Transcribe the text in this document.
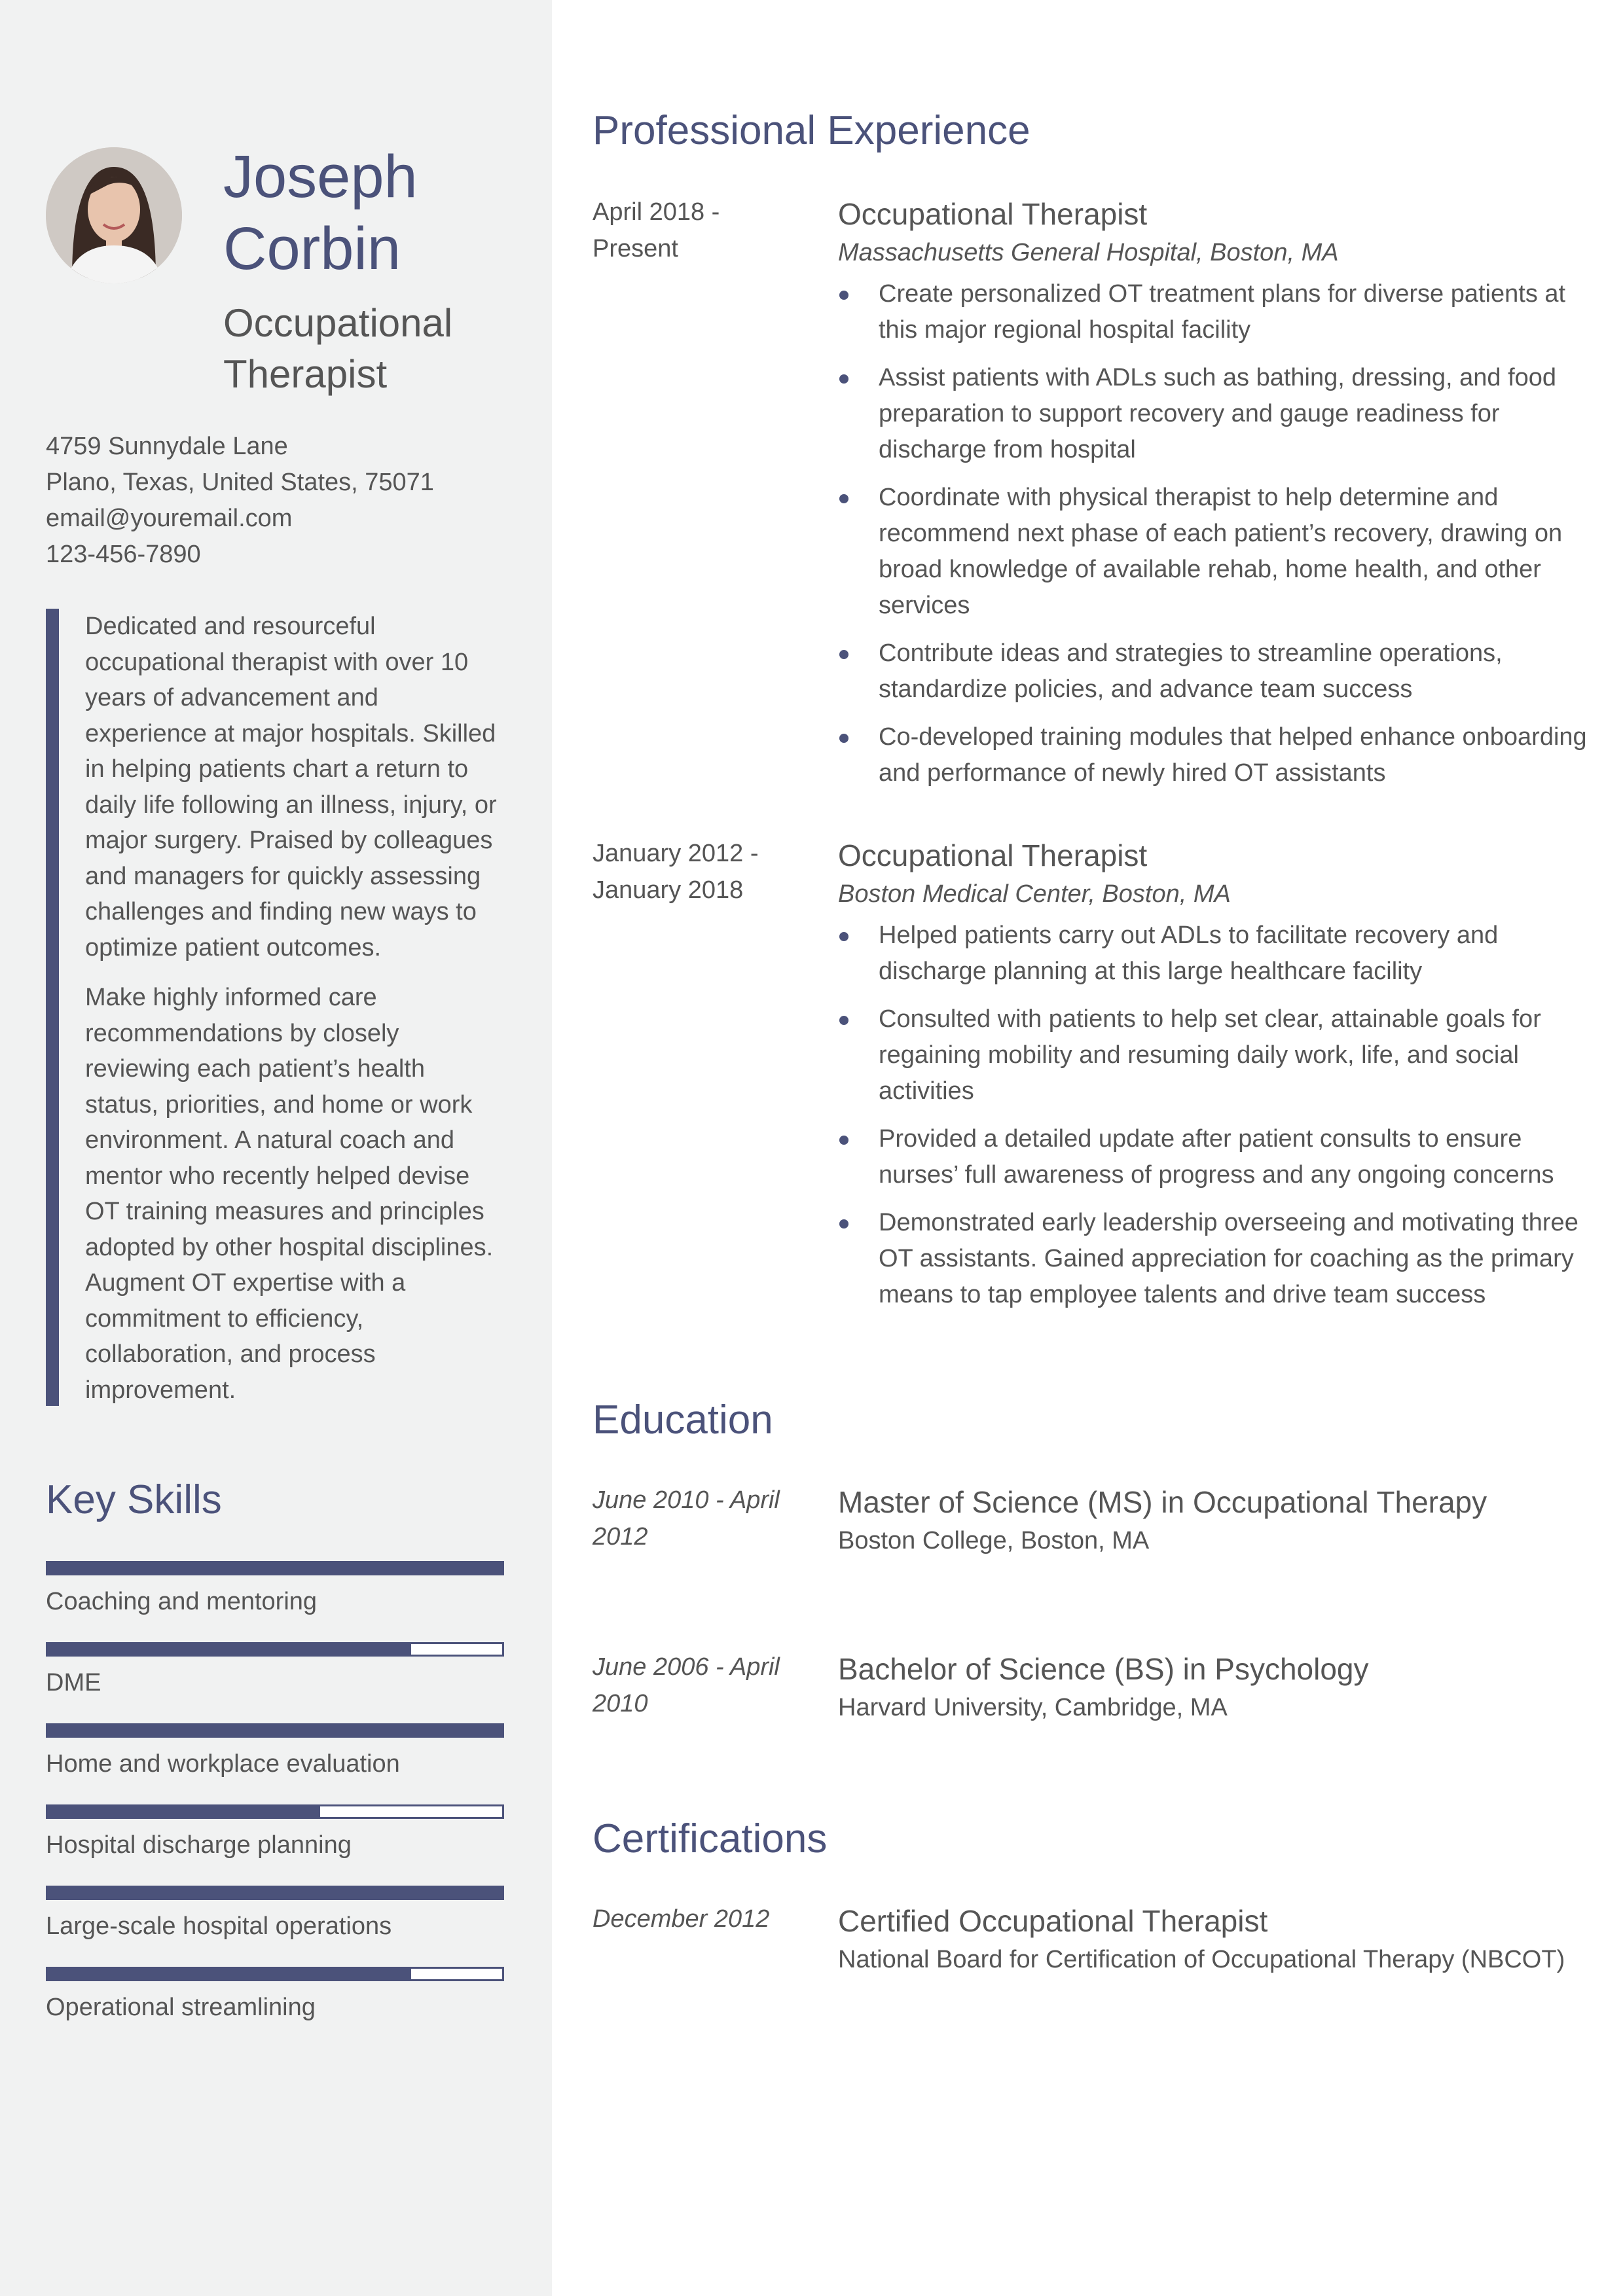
Joseph
Corbin
Occupational
Therapist
4759 Sunnydale Lane
Plano, Texas, United States, 75071
email@youremail.com
123-456-7890

Dedicated and resourceful occupational therapist with over 10 years of advancement and experience at major hospitals. Skilled in helping patients chart a return to daily life following an illness, injury, or major surgery. Praised by colleagues and managers for quickly assessing challenges and finding new ways to optimize patient outcomes.

Make highly informed care recommendations by closely reviewing each patient’s health status, priorities, and home or work environment. A natural coach and mentor who recently helped devise OT training measures and principles adopted by other hospital disciplines. Augment OT expertise with a commitment to efficiency, collaboration, and process improvement.

Key Skills
Coaching and mentoring
DME
Home and workplace evaluation
Hospital discharge planning
Large-scale hospital operations
Operational streamlining
Professional Experience
April 2018 -
Present
Occupational Therapist
Massachusetts General Hospital, Boston, MA
Create personalized OT treatment plans for diverse patients at this major regional hospital facility
Assist patients with ADLs such as bathing, dressing, and food preparation to support recovery and gauge readiness for discharge from hospital
Coordinate with physical therapist to help determine and recommend next phase of each patient’s recovery, drawing on broad knowledge of available rehab, home health, and other services
Contribute ideas and strategies to streamline operations, standardize policies, and advance team success
Co-developed training modules that helped enhance onboarding and performance of newly hired OT assistants
January 2012 -
January 2018
Occupational Therapist
Boston Medical Center, Boston, MA
Helped patients carry out ADLs to facilitate recovery and discharge planning at this large healthcare facility
Consulted with patients to help set clear, attainable goals for regaining mobility and resuming daily work, life, and social activities
Provided a detailed update after patient consults to ensure nurses’ full awareness of progress and any ongoing concerns
Demonstrated early leadership overseeing and motivating three OT assistants. Gained appreciation for coaching as the primary means to tap employee talents and drive team success
Education
June 2010 - April
2012
Master of Science (MS) in Occupational Therapy
Boston College, Boston, MA
June 2006 - April
2010
Bachelor of Science (BS) in Psychology
Harvard University, Cambridge, MA
Certifications
December 2012	Certified Occupational Therapist
National Board for Certification of Occupational Therapy (NBCOT)
